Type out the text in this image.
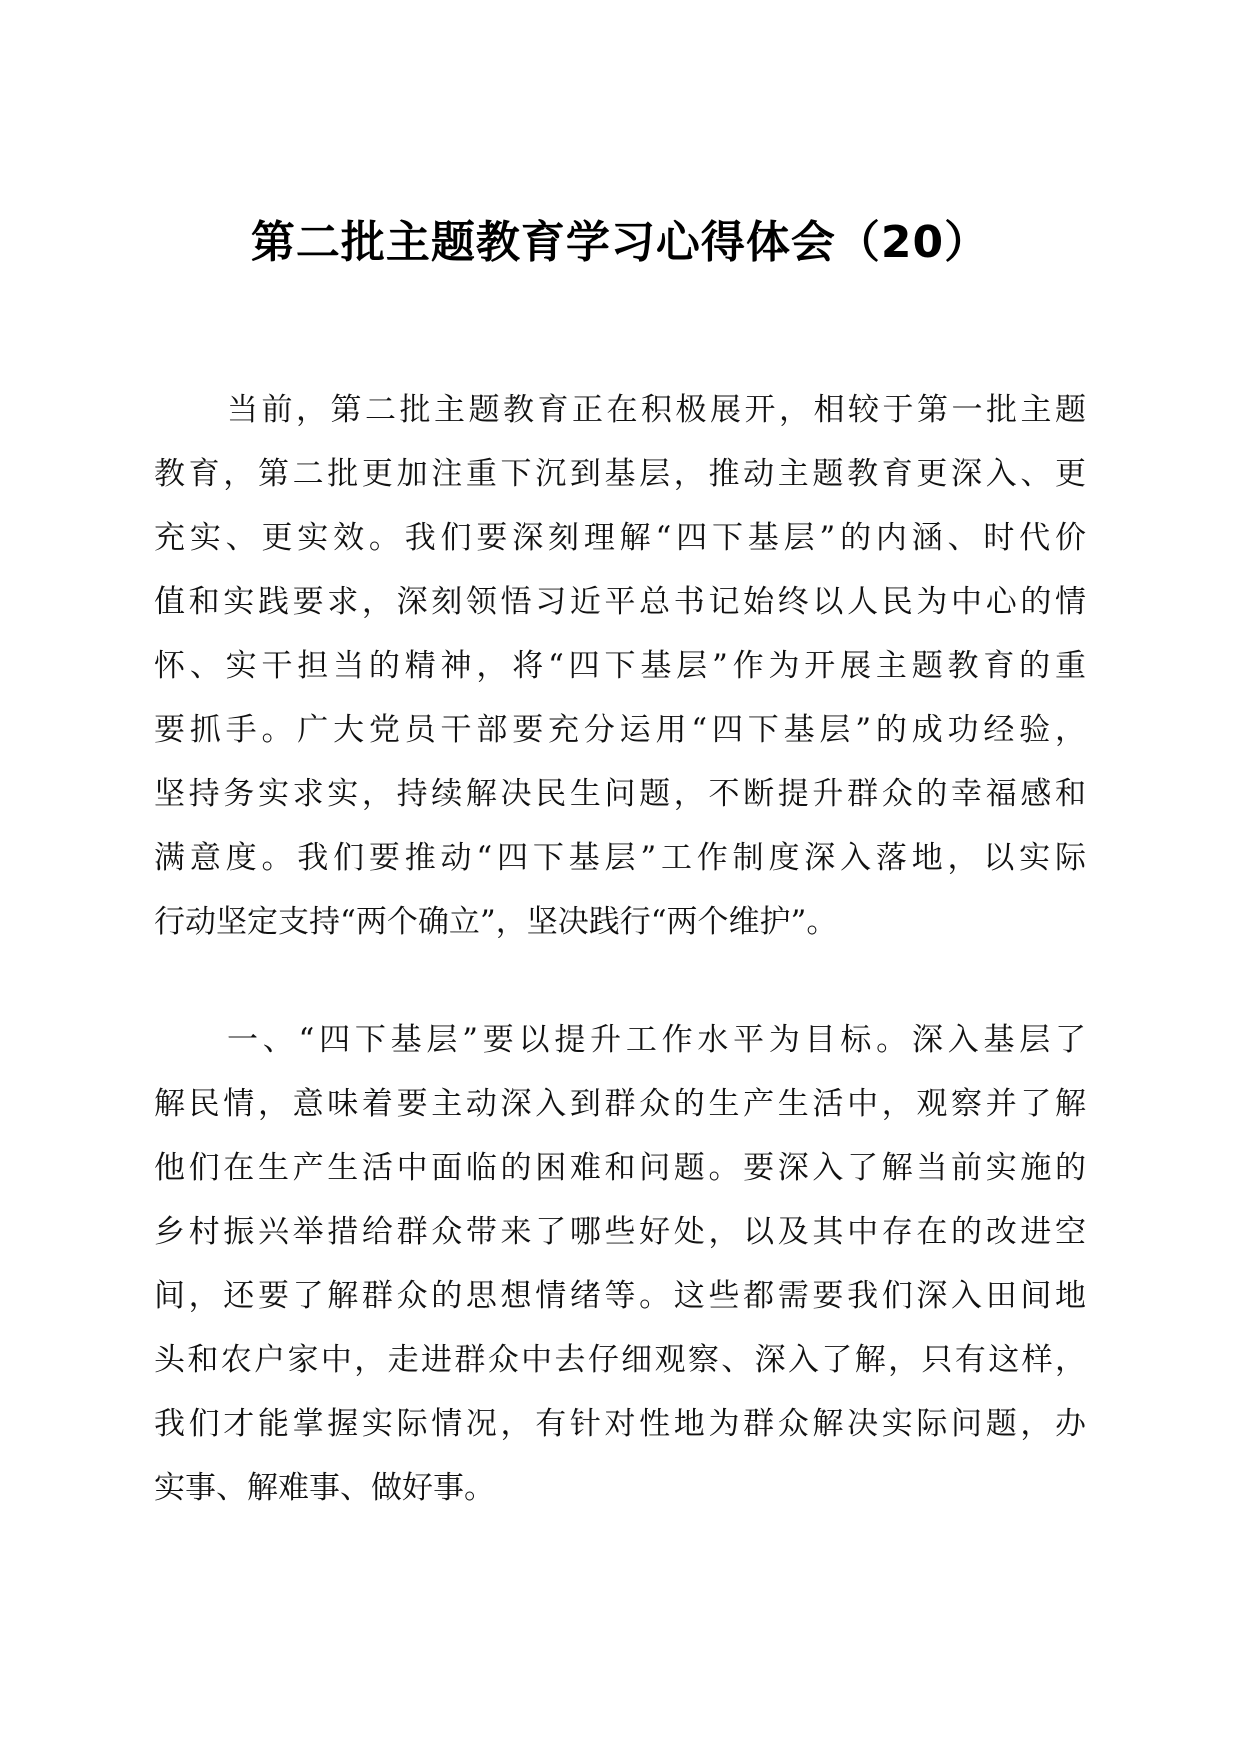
第二批主题教育学习心得体会（20）
当前，第二批主题教育正在积极展开，相较于第一批主题
教育，第二批更加注重下沉到基层，推动主题教育更深入、更
充实、更实效。我们要深刻理解“四下基层”的内涵、时代价
值和实践要求，深刻领悟习近平总书记始终以人民为中心的情
怀、实干担当的精神，将“四下基层”作为开展主题教育的重
要抓手。广大党员干部要充分运用“四下基层”的成功经验，
坚持务实求实，持续解决民生问题，不断提升群众的幸福感和
满意度。我们要推动“四下基层”工作制度深入落地，以实际
行动坚定支持“两个确立”，坚决践行“两个维护”。
一、“四下基层”要以提升工作水平为目标。深入基层了
解民情，意味着要主动深入到群众的生产生活中，观察并了解
他们在生产生活中面临的困难和问题。要深入了解当前实施的
乡村振兴举措给群众带来了哪些好处，以及其中存在的改进空
间，还要了解群众的思想情绪等。这些都需要我们深入田间地
头和农户家中，走进群众中去仔细观察、深入了解，只有这样，
我们才能掌握实际情况，有针对性地为群众解决实际问题，办
实事、解难事、做好事。
